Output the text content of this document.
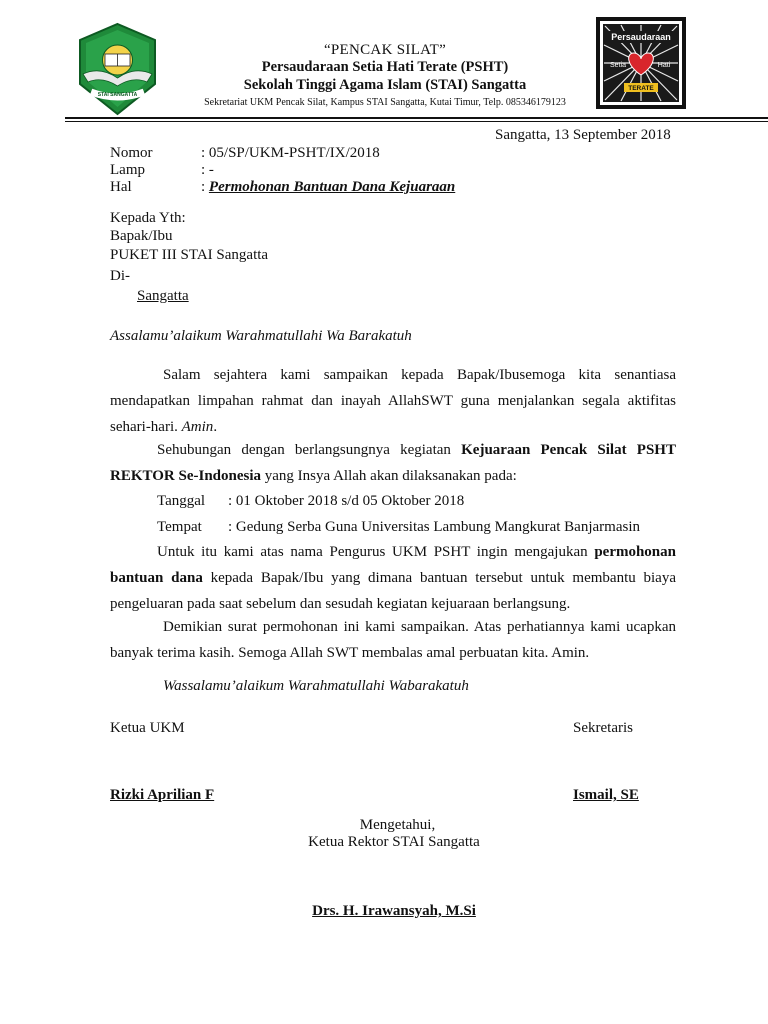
STAI SANGATTA
“PENCAK SILAT”
Persaudaraan Setia Hati Terate (PSHT)
Sekolah Tinggi Agama Islam (STAI) Sangatta
Sekretariat UKM Pencak Silat, Kampus STAI Sangatta, Kutai Timur, Telp. 085346179123
Persaudaraan
Setia	Hati
TERATE
Sangatta, 13 September 2018
Nomor	: 05/SP/UKM-PSHT/IX/2018
Lamp	: -
Hal	: Permohonan Bantuan Dana Kejuaraan
Kepada Yth:
Bapak/Ibu
PUKET III STAI Sangatta
Di-
Sangatta
Assalamu’alaikum Warahmatullahi Wa Barakatuh
Salam sejahtera kami sampaikan kepada Bapak/Ibusemoga kita senantiasa mendapatkan limpahan rahmat dan inayah AllahSWT guna menjalankan segala aktifitas sehari-hari. Amin.
Sehubungan dengan berlangsungnya kegiatan Kejuaraan Pencak Silat PSHT REKTOR Se-Indonesia yang Insya Allah akan dilaksanakan pada:
Tanggal : 01 Oktober 2018 s/d 05 Oktober 2018
Tempat : Gedung Serba Guna Universitas Lambung Mangkurat Banjarmasin
Untuk itu kami atas nama Pengurus UKM PSHT ingin mengajukan permohonan bantuan dana kepada Bapak/Ibu yang dimana bantuan tersebut untuk membantu biaya pengeluaran pada saat sebelum dan sesudah kegiatan kejuaraan berlangsung.
Demikian surat permohonan ini kami sampaikan. Atas perhatiannya kami ucapkan banyak terima kasih. Semoga Allah SWT membalas amal perbuatan kita. Amin.
Wassalamu’alaikum Warahmatullahi Wabarakatuh
Ketua UKM	Sekretaris
Rizki Aprilian F	Ismail, SE
Mengetahui,
Ketua Rektor STAI Sangatta
Drs. H. Irawansyah, M.Si
